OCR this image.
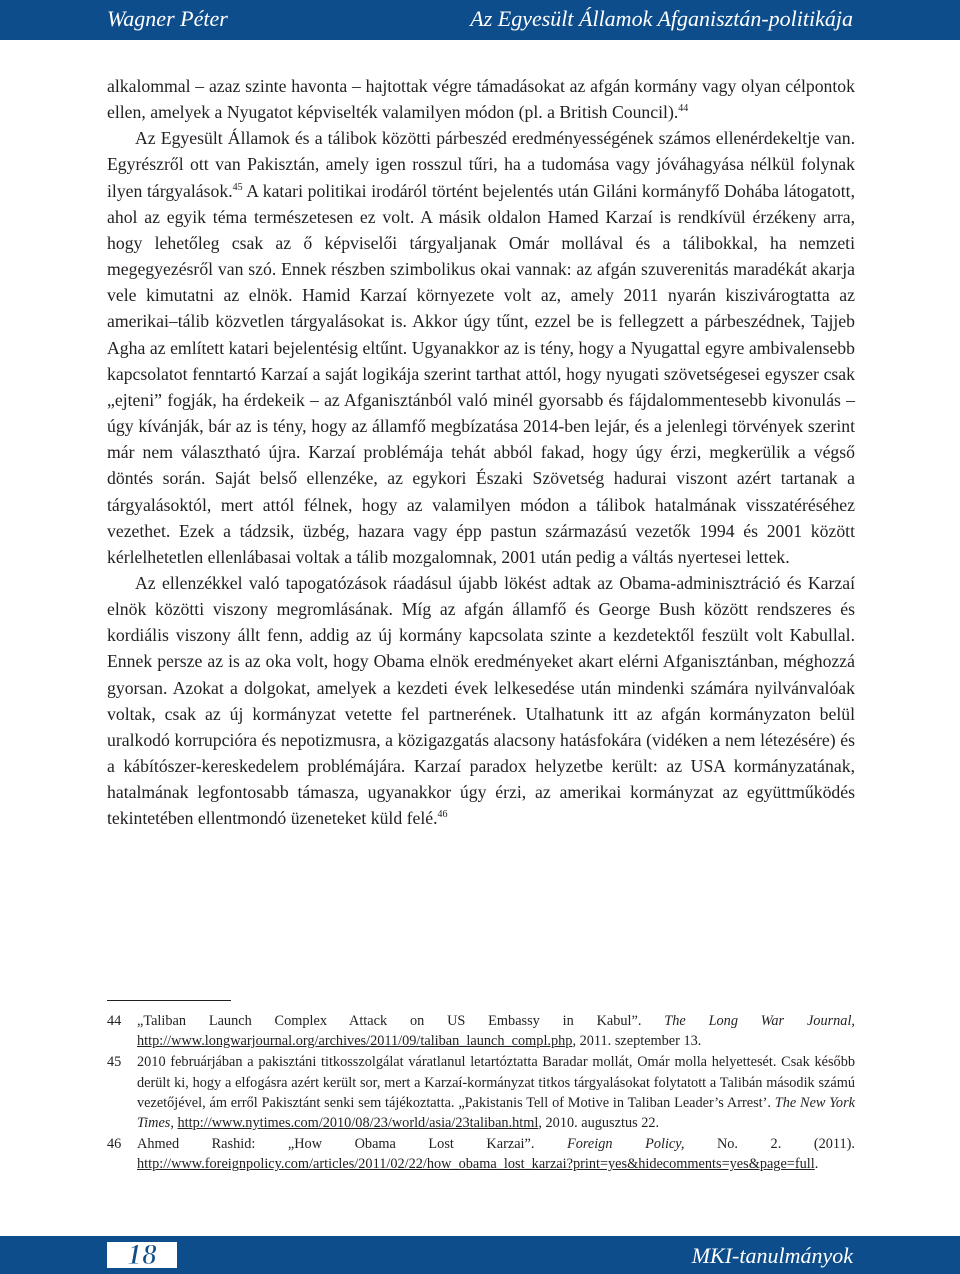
Wagner Péter	Az Egyesült Államok Afganisztán-politikája

alkalommal – azaz szinte havonta – hajtottak végre támadásokat az afgán kormány vagy olyan célpontok ellen, amelyek a Nyugatot képviselték valamilyen módon (pl. a British Council).$^{44}$

Az Egyesült Államok és a tálibok közötti párbeszéd eredményességének számos ellenérdekeltje van. Egyrészről ott van Pakisztán, amely igen rosszul tűri, ha a tudomása vagy jóváhagyása nélkül folynak ilyen tárgyalások.$^{45}$ A katari politikai irodáról történt bejelentés után Giláni kormányfő Dohába látogatott, ahol az egyik téma természetesen ez volt. A másik oldalon Hamed Karzaí is rendkívül érzékeny arra, hogy lehetőleg csak az ő képviselői tárgyaljanak Omár mollával és a tálibokkal, ha nemzeti megegyezésről van szó. Ennek részben szimbolikus okai vannak: az afgán szuverenitás maradékát akarja vele kimutatni az elnök. Hamid Karzaí környezete volt az, amely 2011 nyarán kiszivárogtatta az amerikai–tálib közvetlen tárgyalásokat is. Akkor úgy tűnt, ezzel be is fellegzett a párbeszédnek, Tajjeb Agha az említett katari bejelentésig eltűnt. Ugyanakkor az is tény, hogy a Nyugattal egyre ambivalensebb kapcsolatot fenntartó Karzaí a saját logikája szerint tarthat attól, hogy nyugati szövetségesei egyszer csak „ejteni” fogják, ha érdekeik – az Afganisztánból való minél gyorsabb és fájdalommentesebb kivonulás – úgy kívánják, bár az is tény, hogy az államfő megbízatása 2014-ben lejár, és a jelenlegi törvények szerint már nem választható újra. Karzaí problémája tehát abból fakad, hogy úgy érzi, megkerülik a végső döntés során. Saját belső ellenzéke, az egykori Északi Szövetség hadurai viszont azért tartanak a tárgyalásoktól, mert attól félnek, hogy az valamilyen módon a tálibok hatalmának visszatéréséhez vezethet. Ezek a tádzsik, üzbég, hazara vagy épp pastun származású vezetők 1994 és 2001 között kérlelhetetlen ellenlábasai voltak a tálib mozgalomnak, 2001 után pedig a váltás nyertesei lettek.

Az ellenzékkel való tapogatózások ráadásul újabb lökést adtak az Obama-adminisztráció és Karzaí elnök közötti viszony megromlásának. Míg az afgán államfő és George Bush között rendszeres és kordiális viszony állt fenn, addig az új kormány kapcsolata szinte a kezdetektől feszült volt Kabullal. Ennek persze az is az oka volt, hogy Obama elnök eredményeket akart elérni Afganisztánban, méghozzá gyorsan. Azokat a dolgokat, amelyek a kezdeti évek lelkesedése után mindenki számára nyilvánvalóak voltak, csak az új kormányzat vetette fel partnerének. Utalhatunk itt az afgán kormányzaton belül uralkodó korrupcióra és nepotizmusra, a közigazgatás alacsony hatásfokára (vidéken a nem létezésére) és a kábítószer-kereskedelem problémájára. Karzaí paradox helyzetbe került: az USA kormányzatának, hatalmának legfontosabb támasza, ugyanakkor úgy érzi, az amerikai kormányzat az együttműködés tekintetében ellentmondó üzeneteket küld felé.$^{46}$

44 „Taliban Launch Complex Attack on US Embassy in Kabul”. The Long War Journal, http://www.longwarjournal.org/archives/2011/09/taliban_launch_compl.php, 2011. szeptember 13.
45 2010 februárjában a pakisztáni titkosszolgálat váratlanul letartóztatta Baradar mollát, Omár molla helyettesét. Csak később derült ki, hogy a elfogásra azért került sor, mert a Karzaí-kormányzat titkos tárgyalásokat folytatott a Talibán második számú vezetőjével, ám erről Pakisztánt senki sem tájékoztatta. „Pakistanis Tell of Motive in Taliban Leader’s Arrest’. The New York Times, http://www.nytimes.com/2010/08/23/world/asia/23taliban.html, 2010. augusztus 22.
46 Ahmed Rashid: „How Obama Lost Karzai”. Foreign Policy, No. 2. (2011). http://www.foreignpolicy.com/articles/2011/02/22/how_obama_lost_karzai?print=yes&hidecomments=yes&page=full.
18	MKI-tanulmányok
